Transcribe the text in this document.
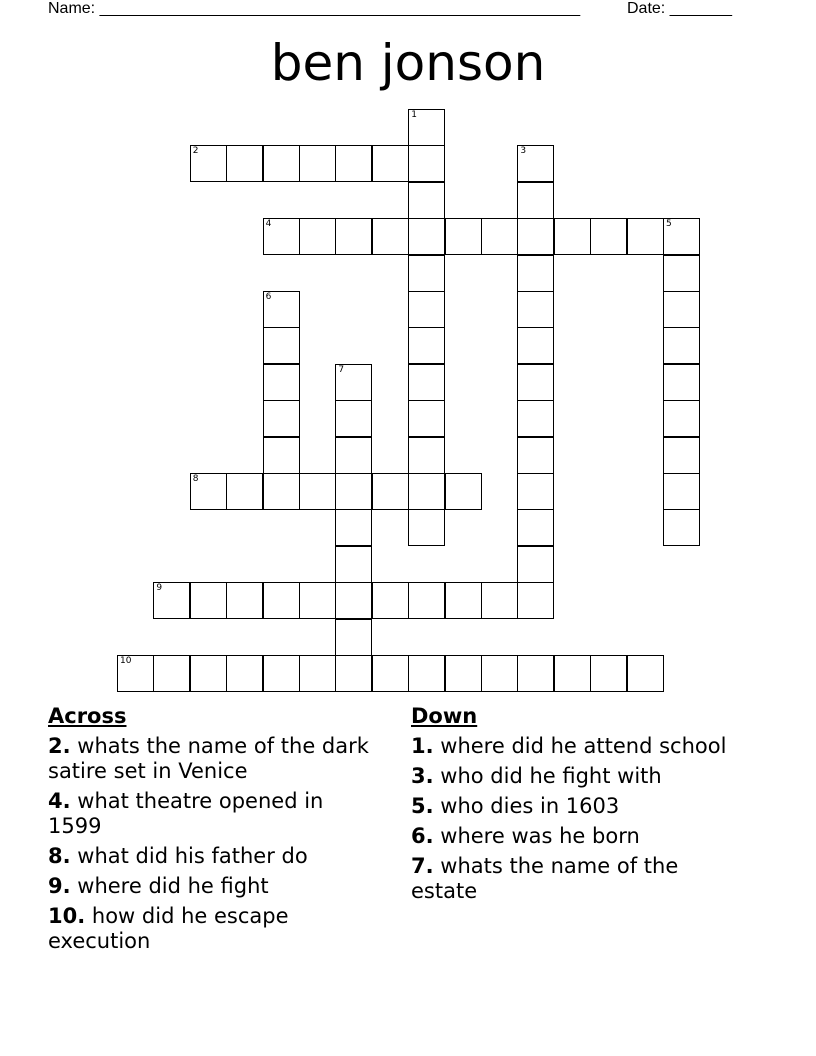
Name: ______________________________________________________	Date: _______
ben jonson
1
2	3
4	5
6
7
8
9
10
Across
2. whats the name of the dark satire set in Venice
4. what theatre opened in 1599
8. what did his father do
9. where did he fight
10. how did he escape execution
Down
1. where did he attend school
3. who did he fight with
5. who dies in 1603
6. where was he born
7. whats the name of the estate
